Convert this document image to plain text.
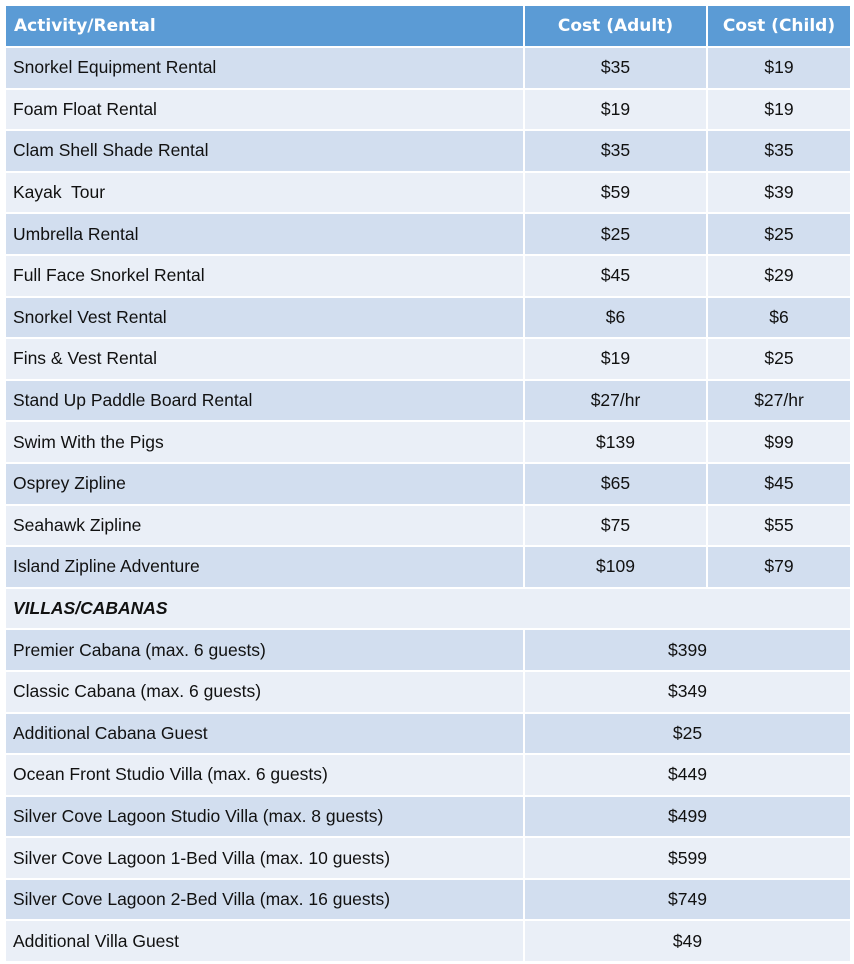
Activity/Rental	Cost (Adult)	Cost (Child)
Snorkel Equipment Rental	$35	$19
Foam Float Rental	$19	$19
Clam Shell Shade Rental	$35	$35
Kayak  Tour	$59	$39
Umbrella Rental	$25	$25
Full Face Snorkel Rental	$45	$29
Snorkel Vest Rental	$6	$6
Fins & Vest Rental	$19	$25
Stand Up Paddle Board Rental	$27/hr	$27/hr
Swim With the Pigs	$139	$99
Osprey Zipline	$65	$45
Seahawk Zipline	$75	$55
Island Zipline Adventure	$109	$79
VILLAS/CABANAS		
Premier Cabana (max. 6 guests)	$399	
Classic Cabana (max. 6 guests)	$349	
Additional Cabana Guest	$25	
Ocean Front Studio Villa (max. 6 guests)	$449	
Silver Cove Lagoon Studio Villa (max. 8 guests)	$499	
Silver Cove Lagoon 1-Bed Villa (max. 10 guests)	$599	
Silver Cove Lagoon 2-Bed Villa (max. 16 guests)	$749	
Additional Villa Guest	$49	
